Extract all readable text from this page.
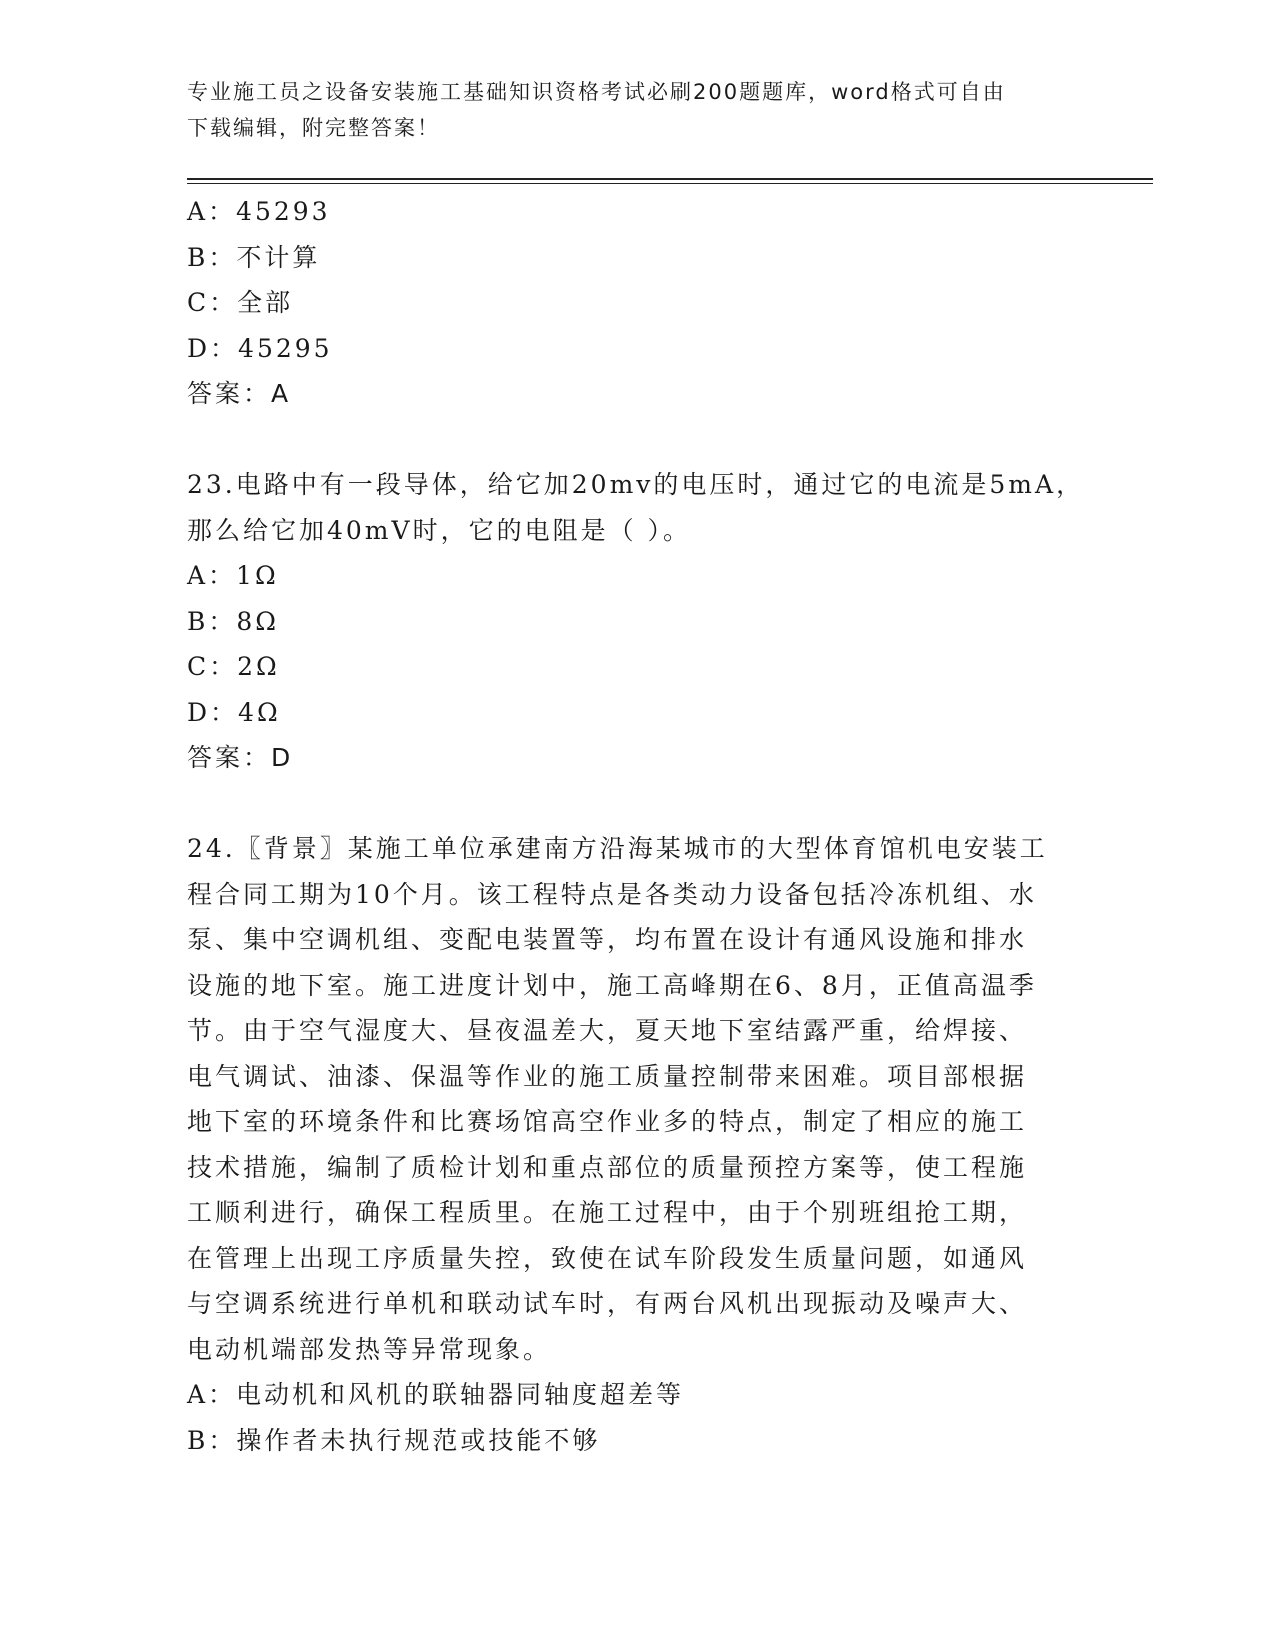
专业施工员之设备安装施工基础知识资格考试必刷200题题库，word格式可自由
下载编辑，附完整答案！

A：45293

B：不计算

C：全部

D：45295

答案：A

23.电路中有一段导体，给它加20mv的电压时，通过它的电流是5mA，

那么给它加40mV时，它的电阻是（ ）。

A：1Ω

B：8Ω

C：2Ω

D：4Ω

答案：D

24.〖背景〗某施工单位承建南方沿海某城市的大型体育馆机电安装工

程合同工期为10个月。该工程特点是各类动力设备包括冷冻机组、水

泵、集中空调机组、变配电装置等，均布置在设计有通风设施和排水

设施的地下室。施工进度计划中，施工高峰期在6、8月，正值高温季

节。由于空气湿度大、昼夜温差大，夏天地下室结露严重，给焊接、

电气调试、油漆、保温等作业的施工质量控制带来困难。项目部根据

地下室的环境条件和比赛场馆高空作业多的特点，制定了相应的施工

技术措施，编制了质检计划和重点部位的质量预控方案等，使工程施

工顺利进行，确保工程质里。在施工过程中，由于个别班组抢工期，

在管理上出现工序质量失控，致使在试车阶段发生质量问题，如通风

与空调系统进行单机和联动试车时，有两台风机出现振动及噪声大、

电动机端部发热等异常现象。

A：电动机和风机的联轴器同轴度超差等

B：操作者未执行规范或技能不够
